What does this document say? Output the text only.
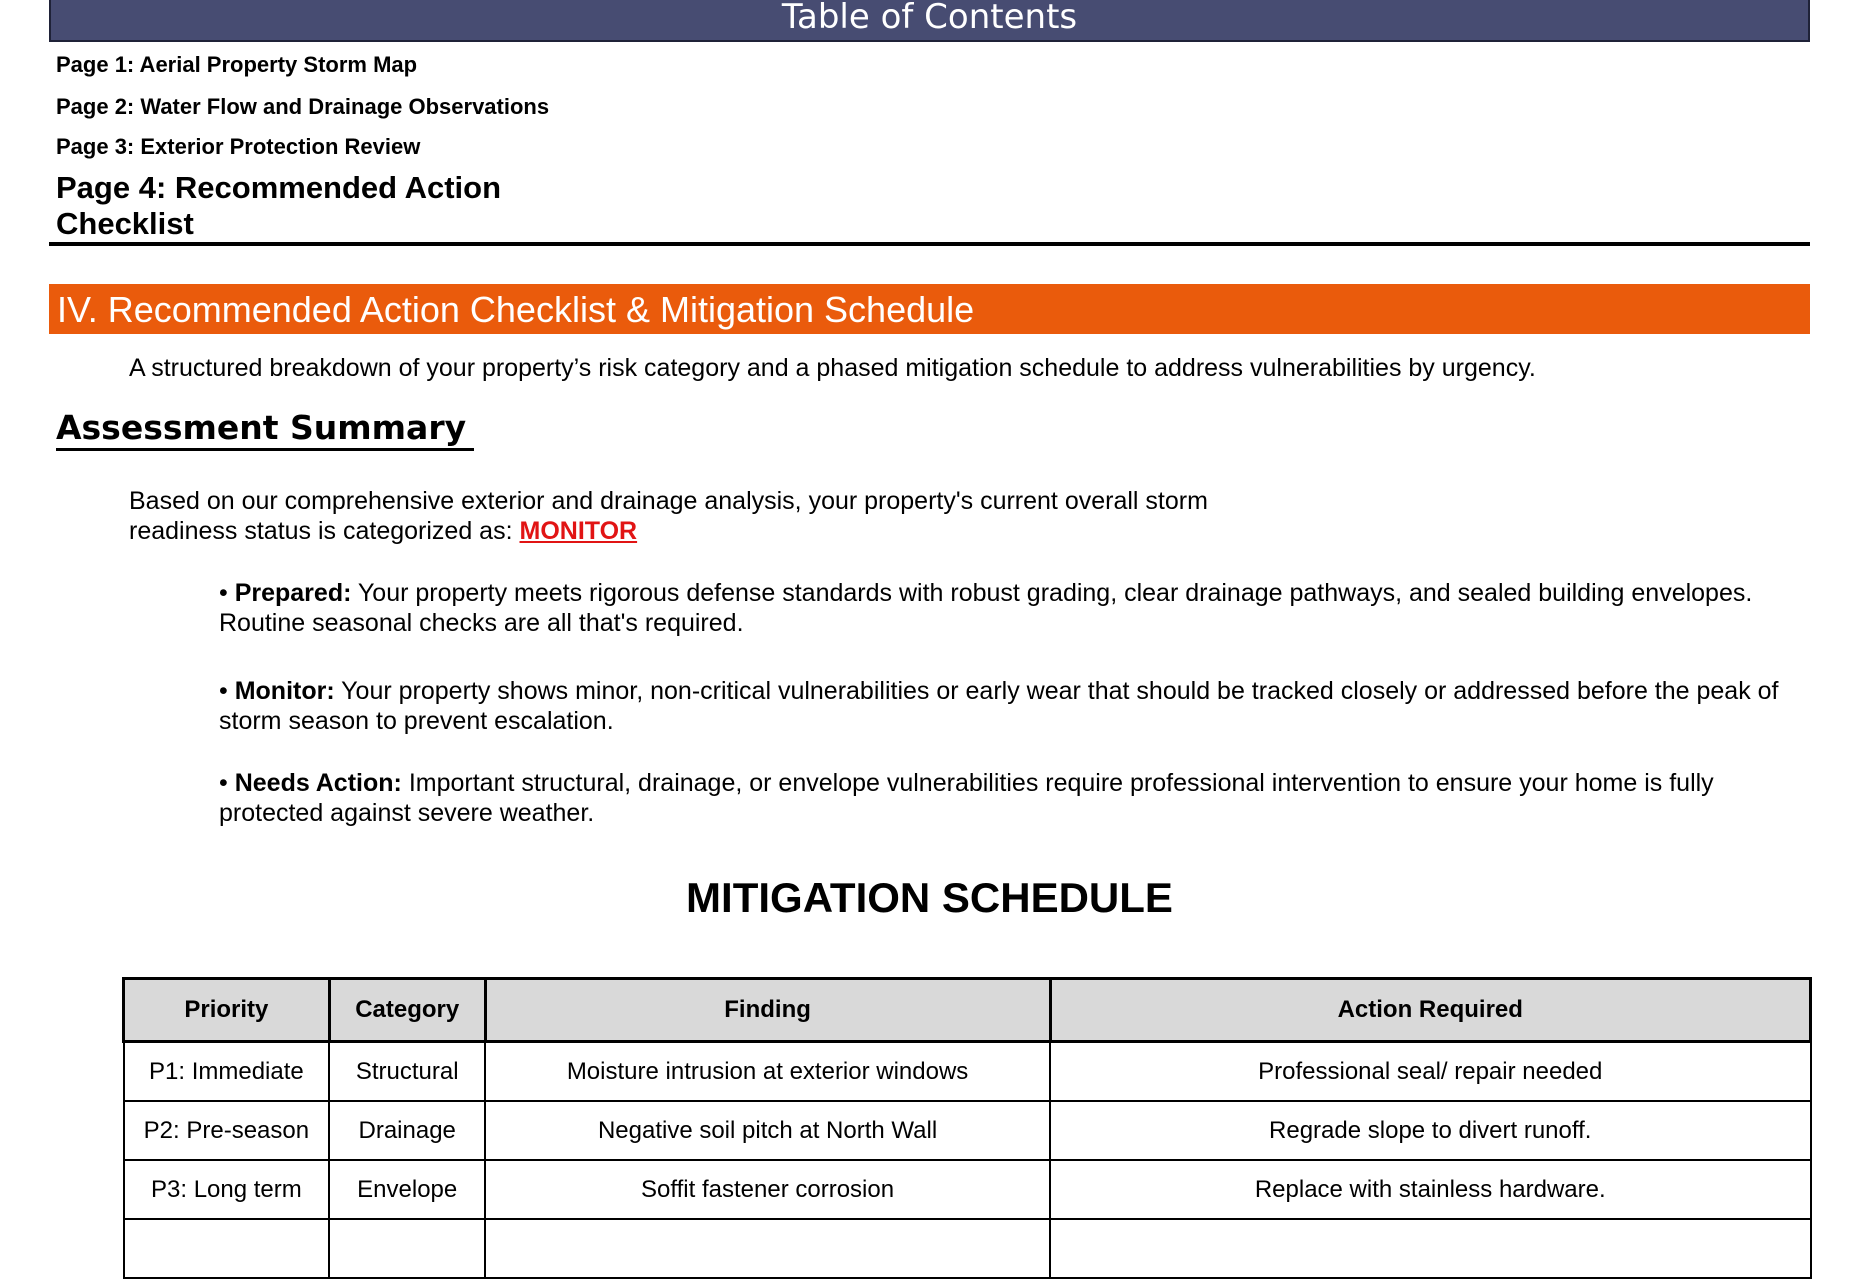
Table of Contents
Page 1: Aerial Property Storm Map
Page 2: Water Flow and Drainage Observations
Page 3: Exterior Protection Review
Page 4: Recommended Action Checklist
IV. Recommended Action Checklist & Mitigation Schedule
A structured breakdown of your property’s risk category and a phased mitigation schedule to address vulnerabilities by urgency.
Assessment Summary
Based on our comprehensive exterior and drainage analysis, your property's current overall storm readiness status is categorized as: MONITOR
• Prepared: Your property meets rigorous defense standards with robust grading, clear drainage pathways, and sealed building envelopes. Routine seasonal checks are all that's required.
• Monitor: Your property shows minor, non-critical vulnerabilities or early wear that should be tracked closely or addressed before the peak of storm season to prevent escalation.
• Needs Action: Important structural, drainage, or envelope vulnerabilities require professional intervention to ensure your home is fully protected against severe weather.
MITIGATION SCHEDULE
Priority	Category	Finding	Action Required
P1: Immediate	Structural	Moisture intrusion at exterior windows	Professional seal/ repair needed
P2: Pre-season	Drainage	Negative soil pitch at North Wall	Regrade slope to divert runoff.
P3: Long term	Envelope	Soffit fastener corrosion	Replace with stainless hardware.
